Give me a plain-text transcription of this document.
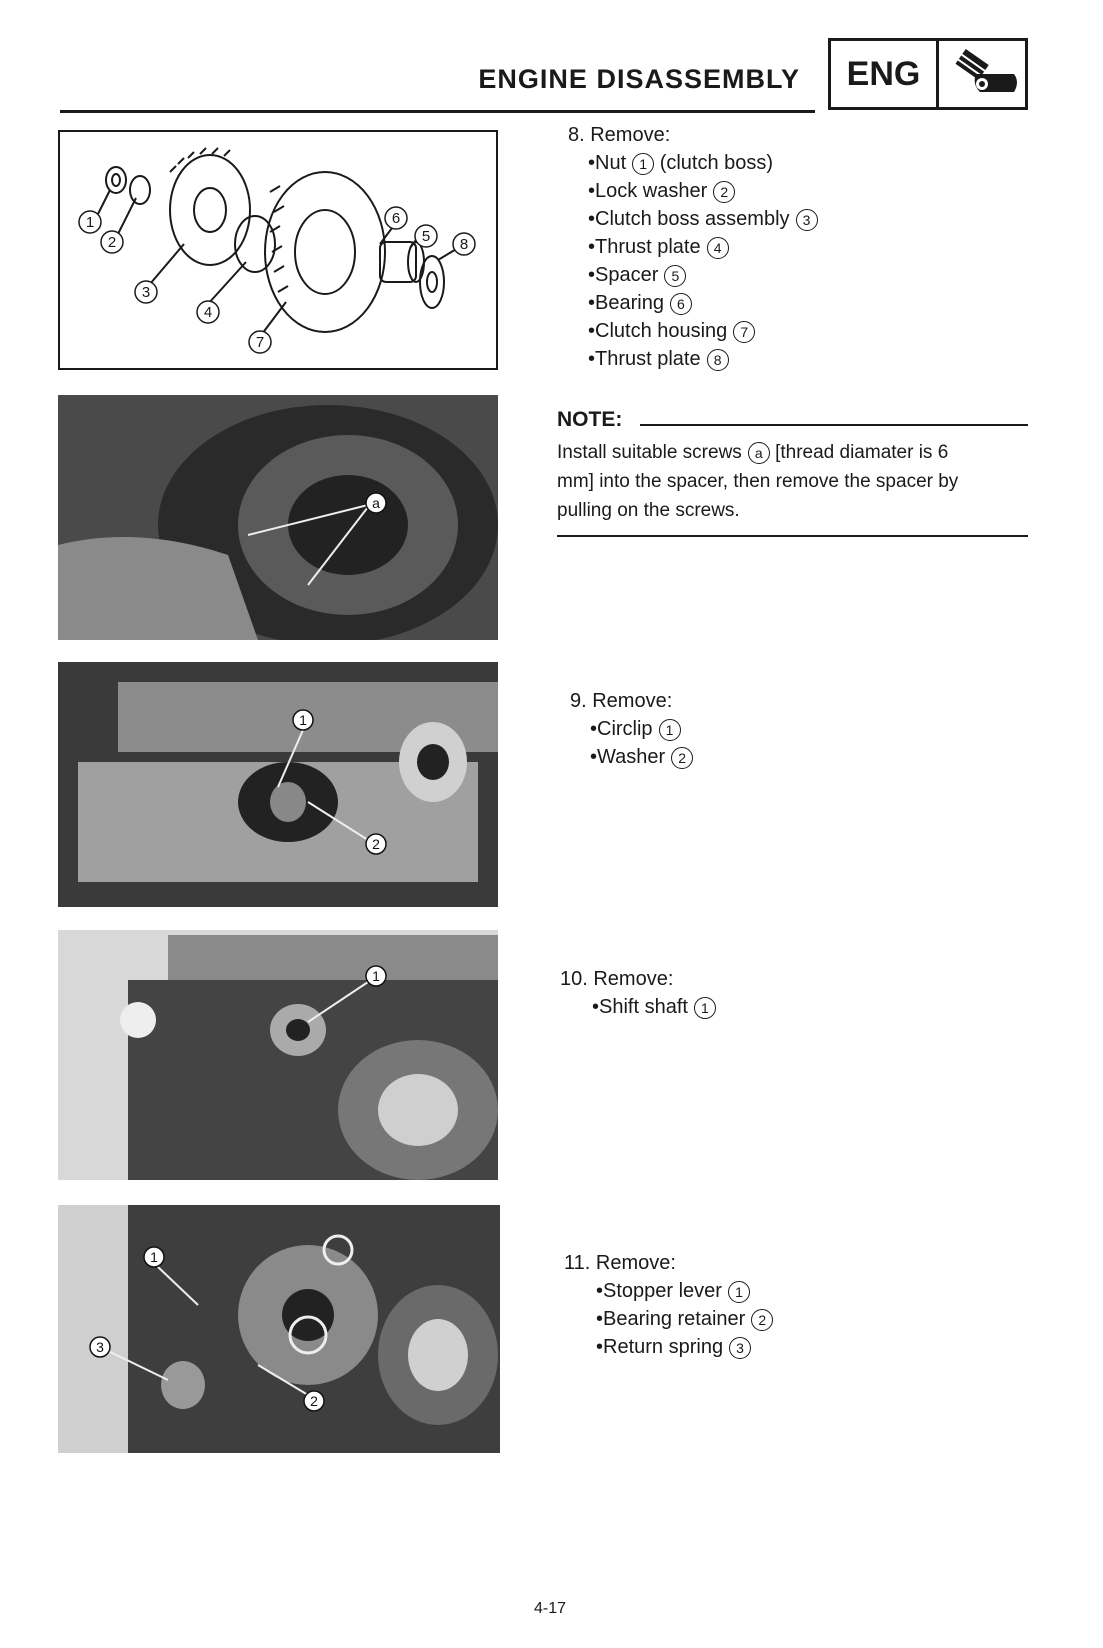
ENGINE DISASSEMBLY	ENG
1
2
3
4
5
6
7
8
a
1
2
1
1
2
3
8. Remove:
•Nut 1 (clutch boss)
•Lock washer 2
•Clutch boss assembly 3
•Thrust plate 4
•Spacer 5
•Bearing 6
•Clutch housing 7
•Thrust plate 8
NOTE:
Install suitable screws a [thread diamater is 6
mm] into the spacer, then remove the spacer by
pulling on the screws.
9. Remove:
•Circlip 1
•Washer 2
10. Remove:
•Shift shaft 1
11. Remove:
•Stopper lever 1
•Bearing retainer 2
•Return spring 3
4-17
